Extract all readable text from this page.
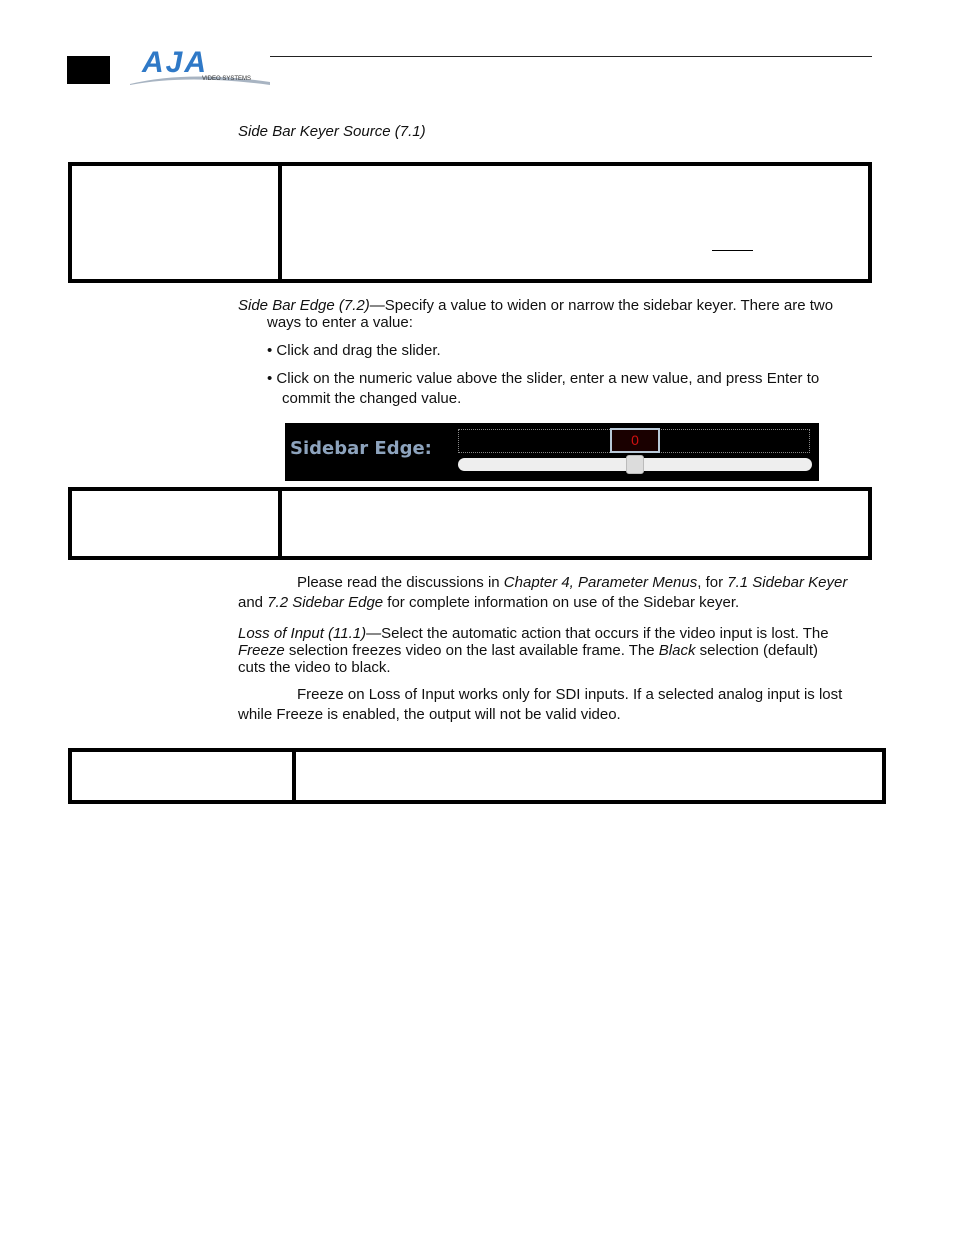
AJA
VIDEO SYSTEMS

Side Bar Keyer Source (7.1)

Side Bar Edge (7.2)—Specify a value to widen or narrow the sidebar keyer. There are two

ways to enter a value:

• Click and drag the slider.

• Click on the numeric value above the slider, enter a new value, and press Enter to

commit the changed value.

Sidebar Edge:	0

Please read the discussions in Chapter 4, Parameter Menus, for 7.1 Sidebar Keyer

and 7.2 Sidebar Edge for complete information on use of the Sidebar keyer.

Loss of Input (11.1)—Select the automatic action that occurs if the video input is lost. The

Freeze selection freezes video on the last available frame. The Black selection (default)

cuts the video to black.

Freeze on Loss of Input works only for SDI inputs. If a selected analog input is lost

while Freeze is enabled, the output will not be valid video.
